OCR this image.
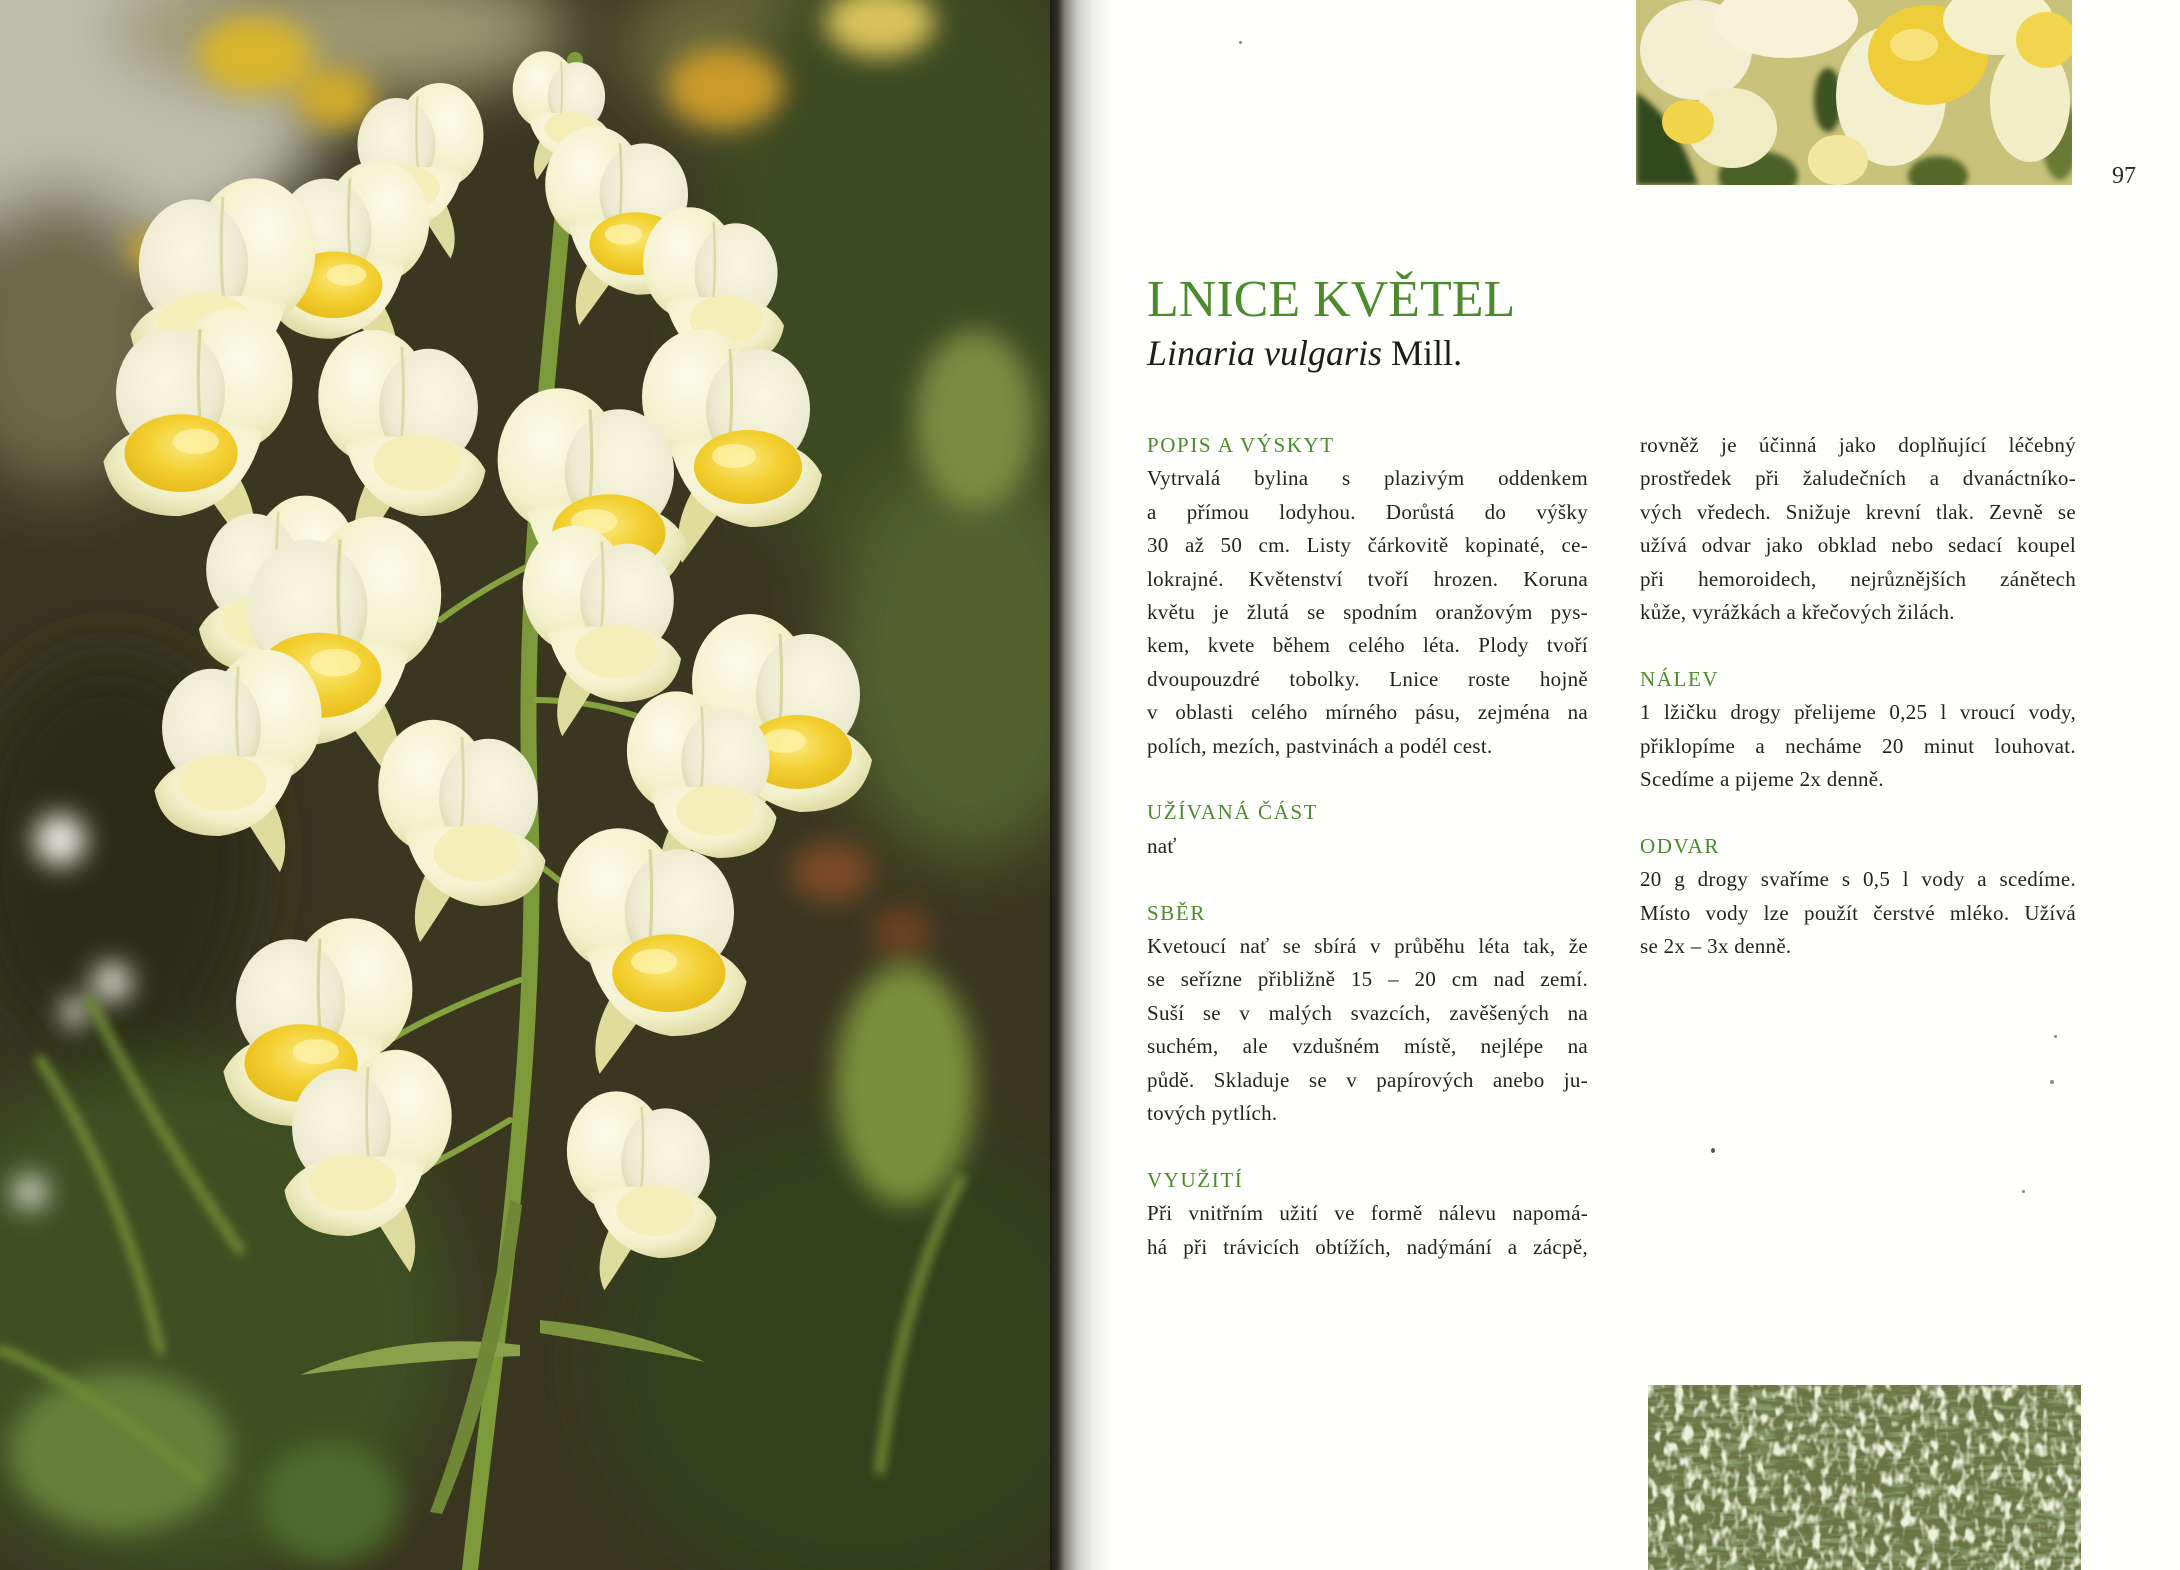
97
LNICE KVĚTEL
Linaria vulgaris Mill.
POPIS A VÝSKYT
Vytrvalá bylina s plazivým oddenkem
a přímou lodyhou. Dorůstá do výšky
30 až 50 cm. Listy čárkovitě kopinaté, ce-
lokrajné. Květenství tvoří hrozen. Koruna
květu je žlutá se spodním oranžovým pys-
kem, kvete během celého léta. Plody tvoří
dvoupouzdré tobolky. Lnice roste hojně
v oblasti celého mírného pásu, zejména na
polích, mezích, pastvinách a podél cest.
UŽÍVANÁ ČÁST
nať
SBĚR
Kvetoucí nať se sbírá v průběhu léta tak, že
se seřízne přibližně 15 – 20 cm nad zemí.
Suší se v malých svazcích, zavěšených na
suchém, ale vzdušném místě, nejlépe na
půdě. Skladuje se v papírových anebo ju-
tových pytlích.
VYUŽITÍ
Při vnitřním užití ve formě nálevu napomá-
há při trávicích obtížích, nadýmání a zácpě,
rovněž je účinná jako doplňující léčebný
prostředek při žaludečních a dvanáctníko-
vých vředech. Snižuje krevní tlak. Zevně se
užívá odvar jako obklad nebo sedací koupel
při hemoroidech, nejrůznějších zánětech
kůže, vyrážkách a křečových žilách.
NÁLEV
1 lžičku drogy přelijeme 0,25 l vroucí vody,
přiklopíme a necháme 20 minut louhovat.
Scedíme a pijeme 2x denně.
ODVAR
20 g drogy svaříme s 0,5 l vody a scedíme.
Místo vody lze použít čerstvé mléko. Užívá
se 2x – 3x denně.
